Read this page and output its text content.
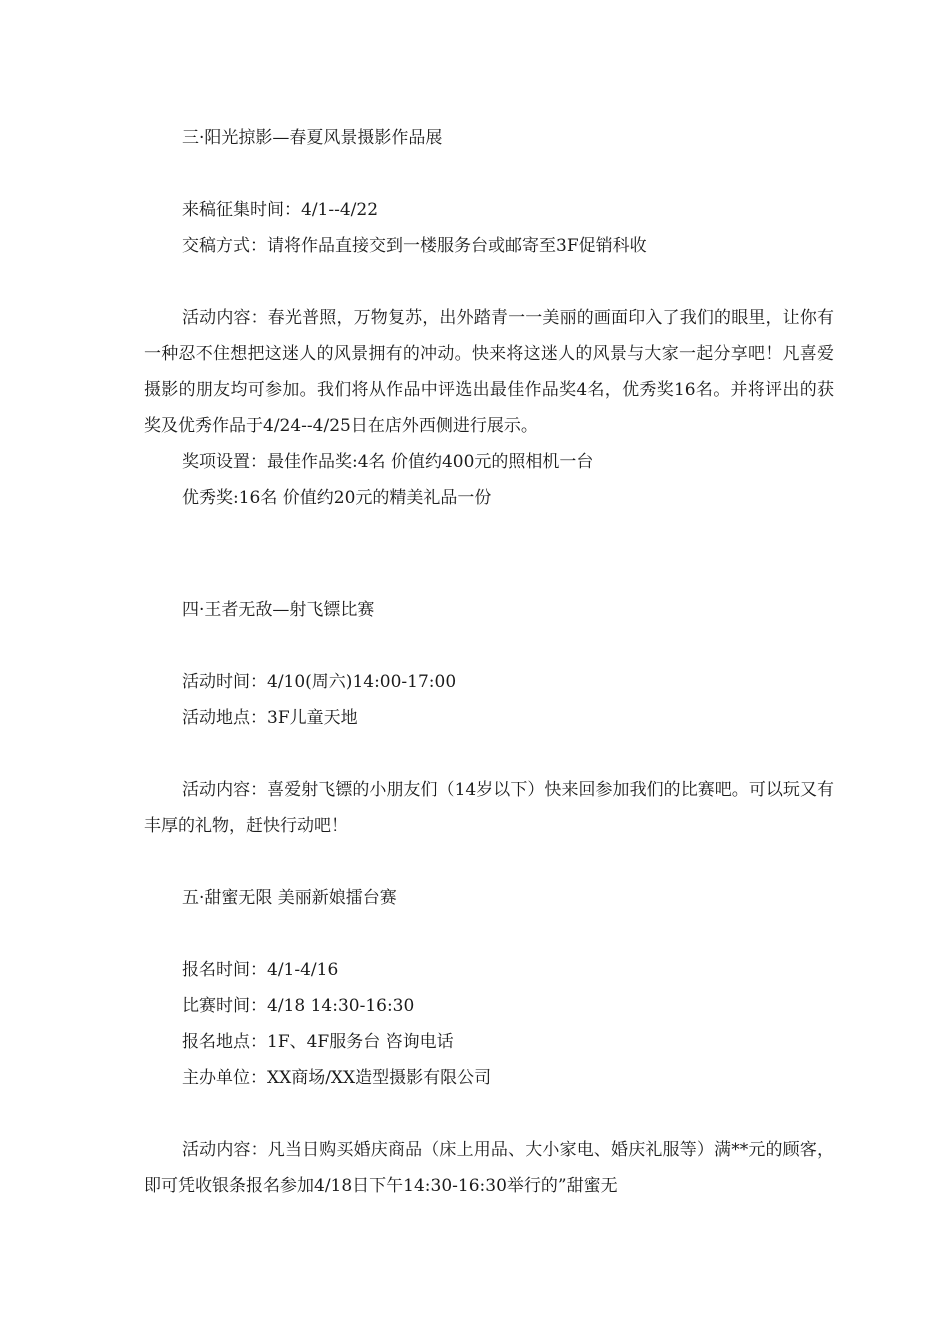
三·阳光掠影—春夏风景摄影作品展
来稿征集时间：4/1--4/22
交稿方式：请将作品直接交到一楼服务台或邮寄至3F促销科收
活动内容：春光普照，万物复苏，出外踏青一一美丽的画面印入了我们的眼里，让你有一种忍不住想把这迷人的风景拥有的冲动。快来将这迷人的风景与大家一起分享吧！凡喜爱摄影的朋友均可参加。我们将从作品中评选出最佳作品奖4名，优秀奖16名。并将评出的获奖及优秀作品于4/24--4/25日在店外西侧进行展示。
奖项设置：最佳作品奖:4名 价值约400元的照相机一台
优秀奖:16名 价值约20元的精美礼品一份
四·王者无敌—射飞镖比赛
活动时间：4/10(周六)14:00-17:00
活动地点：3F儿童天地
活动内容：喜爱射飞镖的小朋友们（14岁以下）快来回参加我们的比赛吧。可以玩又有丰厚的礼物，赶快行动吧！
五·甜蜜无限 美丽新娘擂台赛
报名时间：4/1-4/16
比赛时间：4/18 14:30-16:30
报名地点：1F、4F服务台 咨询电话
主办单位：XX商场/XX造型摄影有限公司
活动内容：凡当日购买婚庆商品（床上用品、大小家电、婚庆礼服等）满**元的顾客，即可凭收银条报名参加4/18日下午14:30-16:30举行的”甜蜜无
